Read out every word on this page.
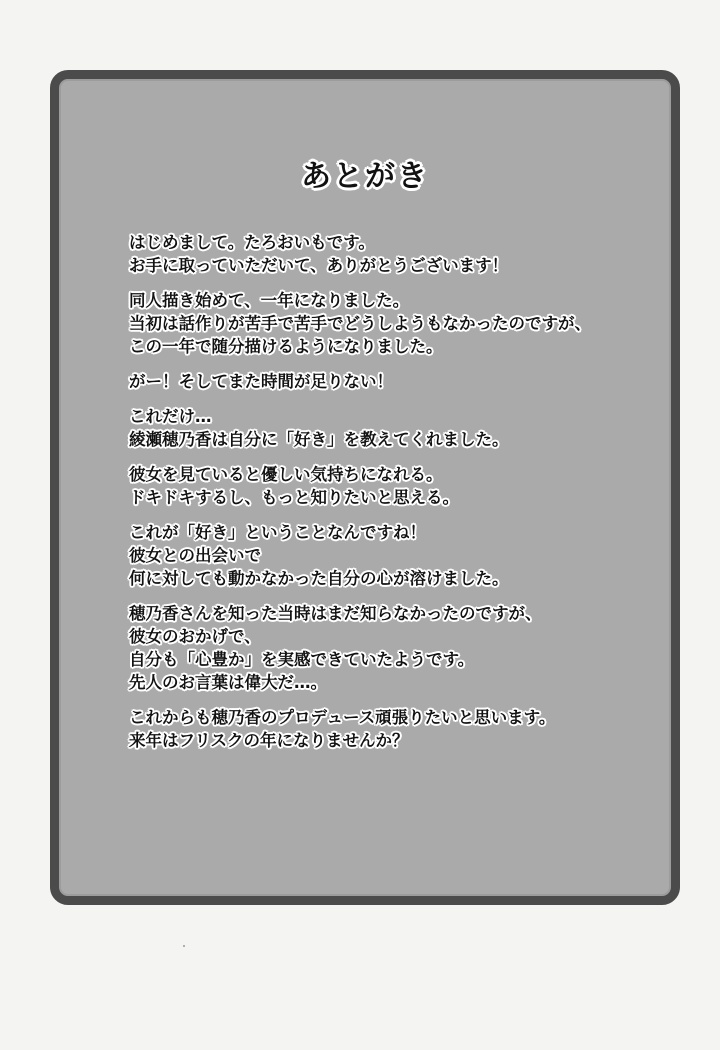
あとがき
はじめまして。たろおいもです。
お手に取っていただいて、ありがとうございます！
同人描き始めて、一年になりました。
当初は話作りが苦手で苦手でどうしようもなかったのですが、
この一年で随分描けるようになりました。
がー！そしてまた時間が足りない！
これだけ…
綾瀬穂乃香は自分に「好き」を教えてくれました。
彼女を見ていると優しい気持ちになれる。
ドキドキするし、もっと知りたいと思える。
これが「好き」ということなんですね！
彼女との出会いで
何に対しても動かなかった自分の心が溶けました。
穂乃香さんを知った当時はまだ知らなかったのですが、
彼女のおかげで、
自分も「心豊か」を実感できていたようです。
先人のお言葉は偉大だ…。
これからも穂乃香のプロデュース頑張りたいと思います。
来年はフリスクの年になりませんか？
